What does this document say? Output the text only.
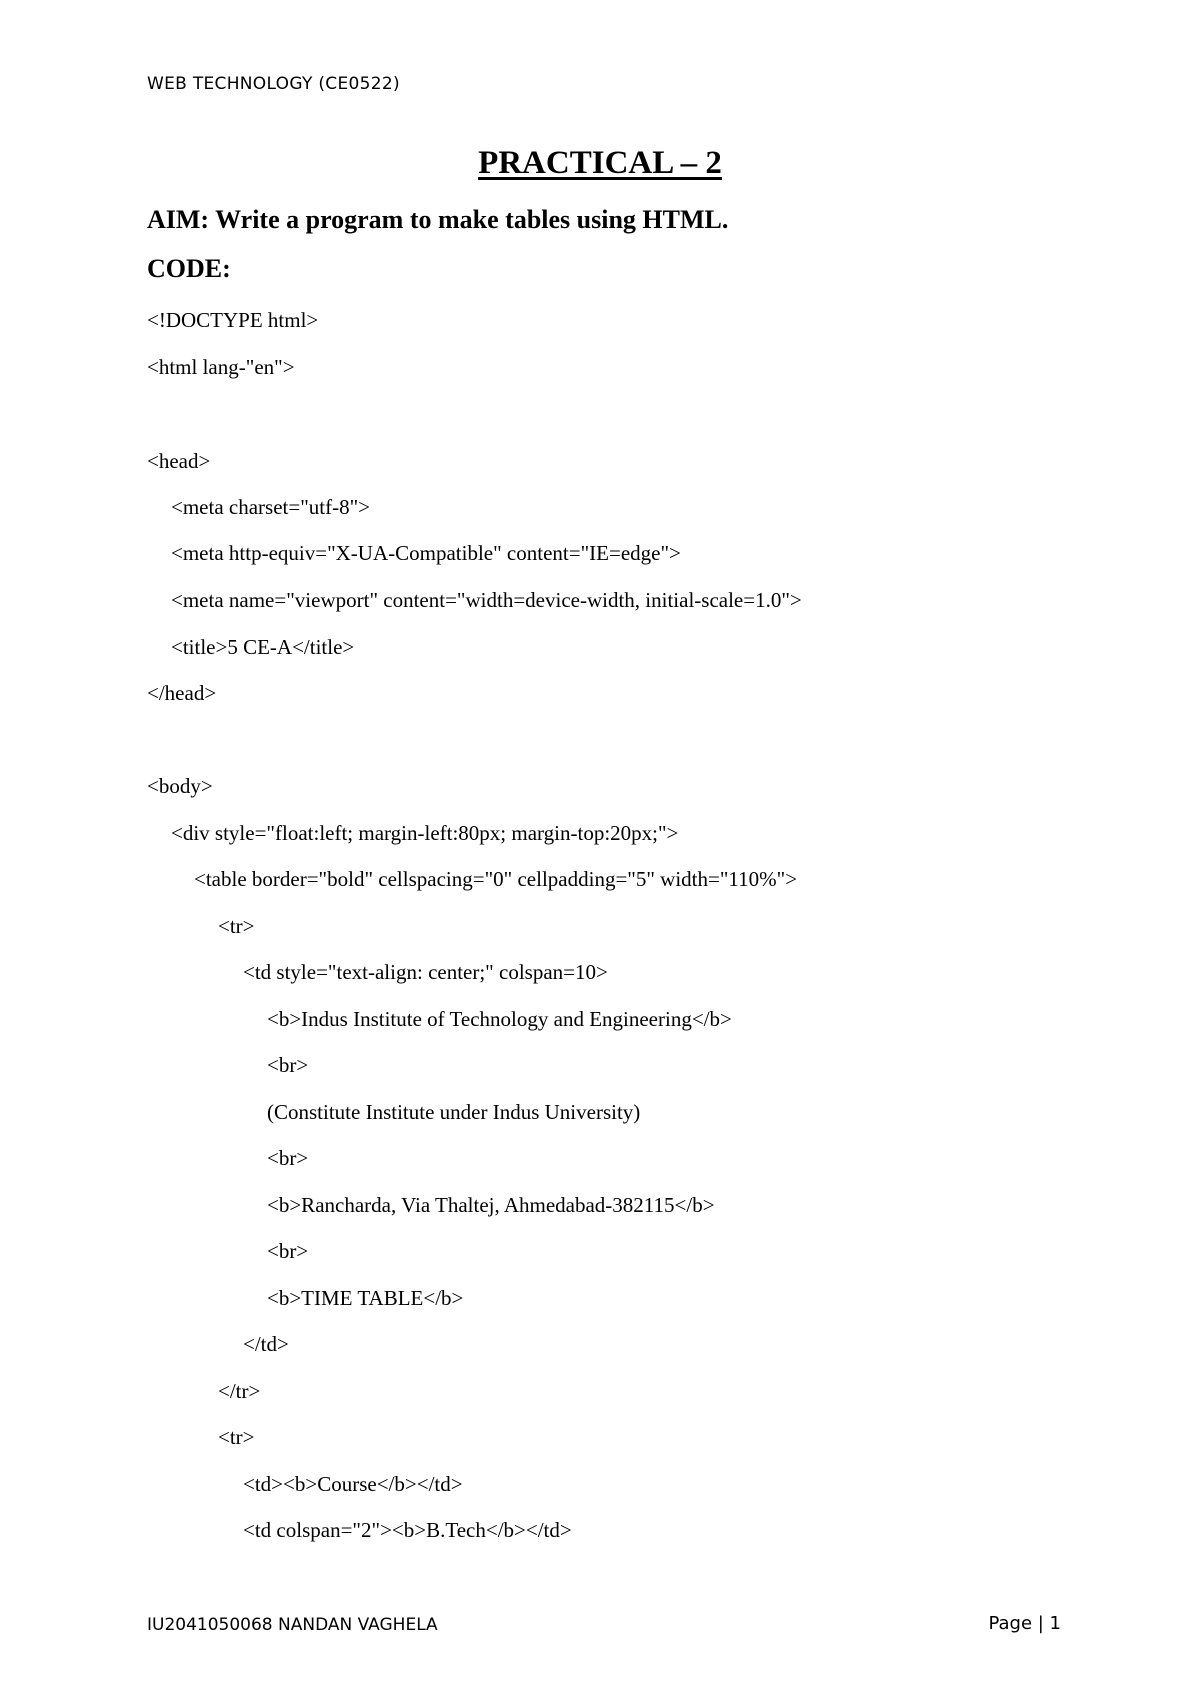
WEB TECHNOLOGY (CE0522)
PRACTICAL – 2
AIM: Write a program to make tables using HTML.
CODE:
<!DOCTYPE html>
<html lang-"en">
<head>
<meta charset="utf-8">
<meta http-equiv="X-UA-Compatible" content="IE=edge">
<meta name="viewport" content="width=device-width, initial-scale=1.0">
<title>5 CE-A</title>
</head>
<body>
<div style="float:left; margin-left:80px; margin-top:20px;">
<table border="bold" cellspacing="0" cellpadding="5" width="110%">
<tr>
<td style="text-align: center;" colspan=10>
<b>Indus Institute of Technology and Engineering</b>
<br>
(Constitute Institute under Indus University)
<br>
<b>Rancharda, Via Thaltej, Ahmedabad-382115</b>
<br>
<b>TIME TABLE</b>
</td>
</tr>
<tr>
<td><b>Course</b></td>
<td colspan="2"><b>B.Tech</b></td>
IU2041050068 NANDAN VAGHELA	Page | 1
